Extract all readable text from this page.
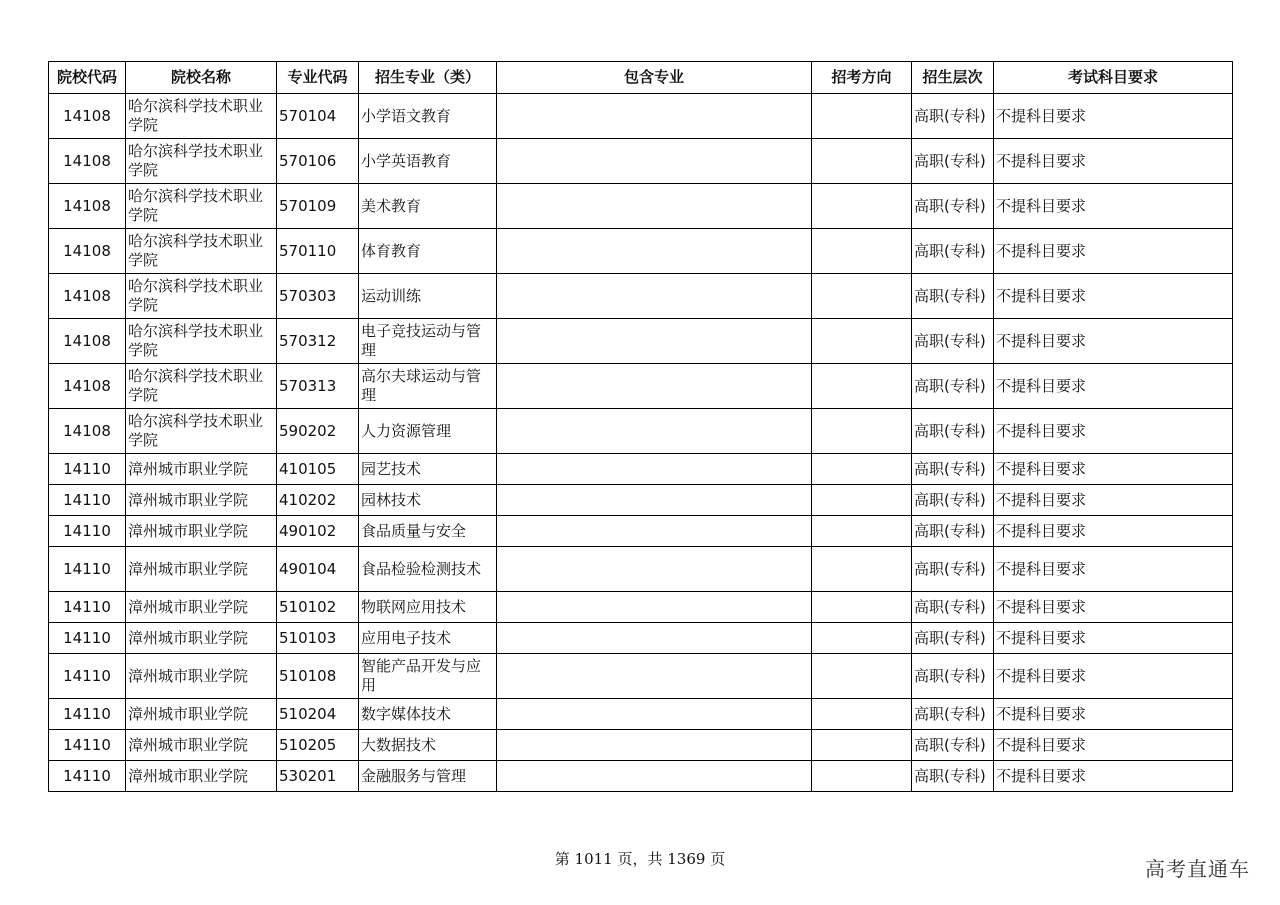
院校代码	院校名称	专业代码	招生专业（类）	包含专业	招考方向	招生层次	考试科目要求
14108	哈尔滨科学技术职业学院	570104	小学语文教育			高职(专科)	不提科目要求
14108	哈尔滨科学技术职业学院	570106	小学英语教育			高职(专科)	不提科目要求
14108	哈尔滨科学技术职业学院	570109	美术教育			高职(专科)	不提科目要求
14108	哈尔滨科学技术职业学院	570110	体育教育			高职(专科)	不提科目要求
14108	哈尔滨科学技术职业学院	570303	运动训练			高职(专科)	不提科目要求
14108	哈尔滨科学技术职业学院	570312	电子竞技运动与管理			高职(专科)	不提科目要求
14108	哈尔滨科学技术职业学院	570313	高尔夫球运动与管理			高职(专科)	不提科目要求
14108	哈尔滨科学技术职业学院	590202	人力资源管理			高职(专科)	不提科目要求
14110	漳州城市职业学院	410105	园艺技术			高职(专科)	不提科目要求
14110	漳州城市职业学院	410202	园林技术			高职(专科)	不提科目要求
14110	漳州城市职业学院	490102	食品质量与安全			高职(专科)	不提科目要求
14110	漳州城市职业学院	490104	食品检验检测技术			高职(专科)	不提科目要求
14110	漳州城市职业学院	510102	物联网应用技术			高职(专科)	不提科目要求
14110	漳州城市职业学院	510103	应用电子技术			高职(专科)	不提科目要求
14110	漳州城市职业学院	510108	智能产品开发与应用			高职(专科)	不提科目要求
14110	漳州城市职业学院	510204	数字媒体技术			高职(专科)	不提科目要求
14110	漳州城市职业学院	510205	大数据技术			高职(专科)	不提科目要求
14110	漳州城市职业学院	530201	金融服务与管理			高职(专科)	不提科目要求
第 1011 页，共 1369 页	高考直通车
